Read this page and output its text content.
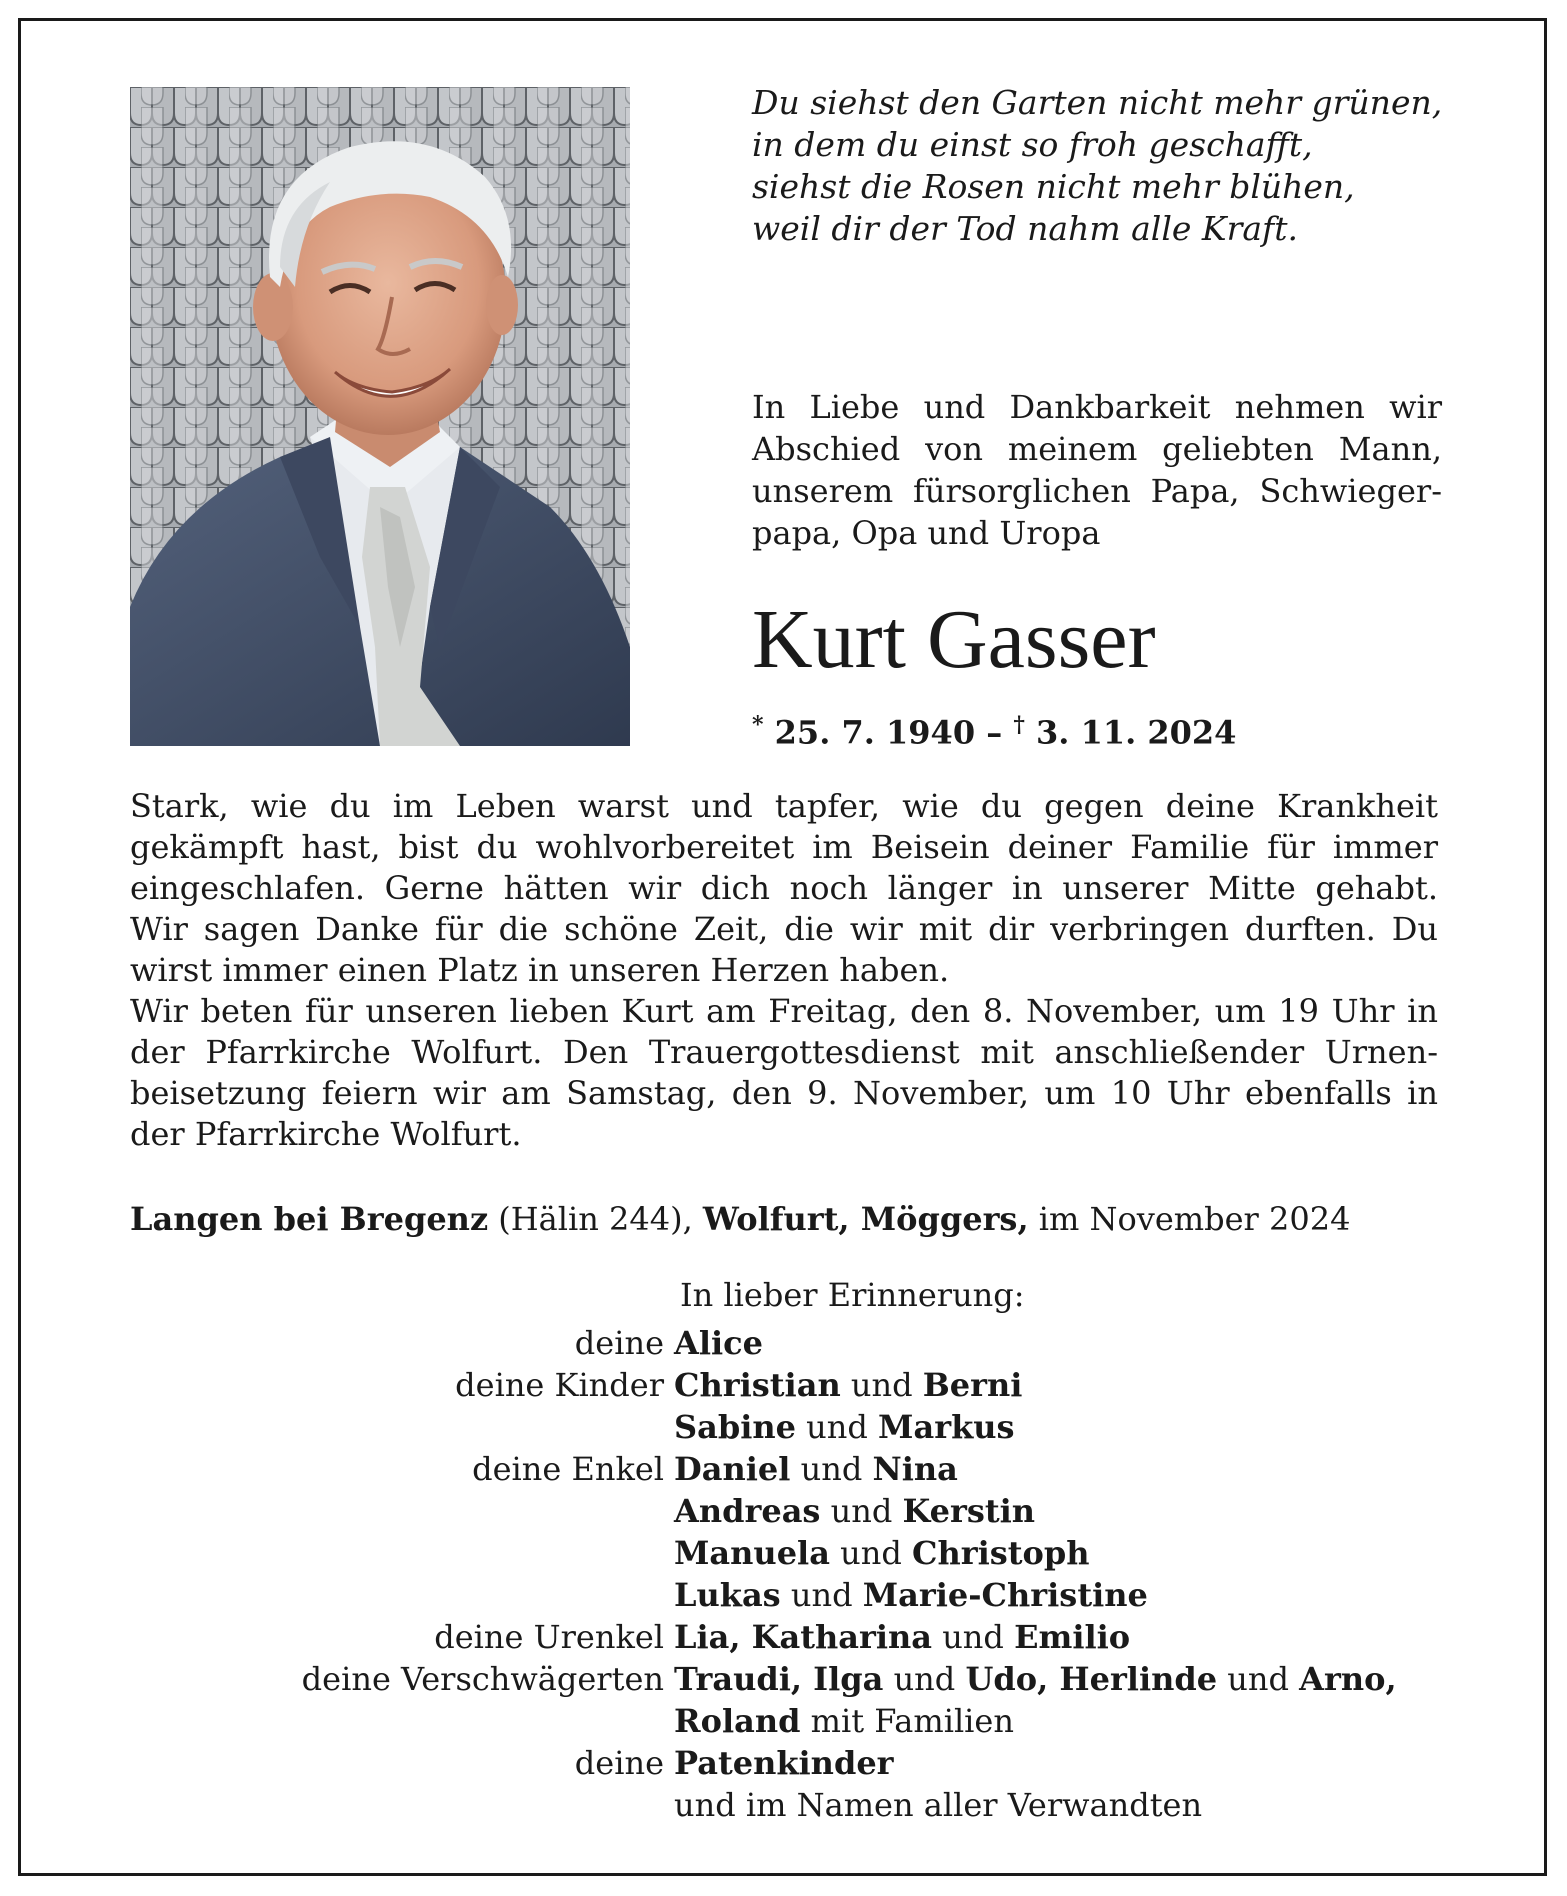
Du siehst den Garten nicht mehr grünen,
in dem du einst so froh geschafft,
siehst die Rosen nicht mehr blühen,
weil dir der Tod nahm alle Kraft.
In Liebe und Dankbarkeit nehmen wir
Abschied von meinem geliebten Mann,
unserem fürsorglichen Papa, Schwieger-
papa, Opa und Uropa
Kurt Gasser
* 25. 7. 1940 – † 3. 11. 2024
Stark, wie du im Leben warst und tapfer, wie du gegen deine Krankheit
gekämpft hast, bist du wohlvorbereitet im Beisein deiner Familie für immer
eingeschlafen. Gerne hätten wir dich noch länger in unserer Mitte gehabt.
Wir sagen Danke für die schöne Zeit, die wir mit dir verbringen durften. Du
wirst immer einen Platz in unseren Herzen haben.
Wir beten für unseren lieben Kurt am Freitag, den 8. November, um 19 Uhr in
der Pfarrkirche Wolfurt. Den Trauergottesdienst mit anschließender Urnen-
beisetzung feiern wir am Samstag, den 9. November, um 10 Uhr ebenfalls in
der Pfarrkirche Wolfurt.
Langen bei Bregenz (Hälin 244), Wolfurt, Möggers, im November 2024
In lieber Erinnerung:
deine Alice
deine Kinder Christian und Berni
Sabine und Markus
deine Enkel Daniel und Nina
Andreas und Kerstin
Manuela und Christoph
Lukas und Marie-Christine
deine Urenkel Lia, Katharina und Emilio
deine Verschwägerten Traudi, Ilga und Udo, Herlinde und Arno,
Roland mit Familien
deine Patenkinder
und im Namen aller Verwandten
